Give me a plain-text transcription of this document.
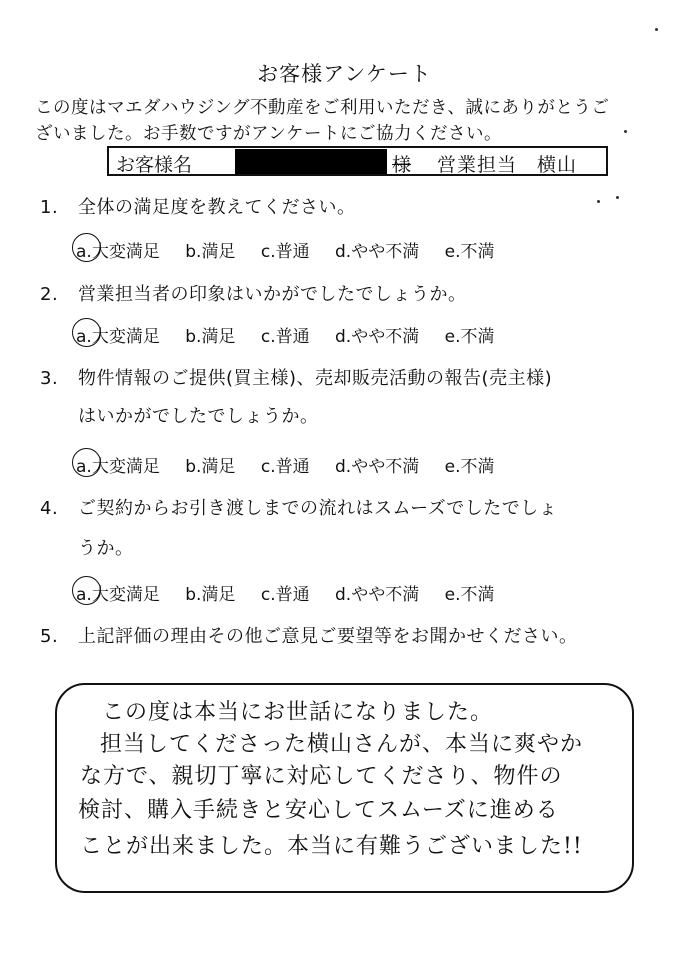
お客様アンケート
この度はマエダハウジング不動産をご利用いただき、誠にありがとうご
ざいました。お手数ですがアンケートにご協力ください。
お客様名	様 営業担当　横山
1. 全体の満足度を教えてください。
a.大変満足 b.満足 c.普通 d.やや不満 e.不満
2. 営業担当者の印象はいかがでしたでしょうか。
a.大変満足 b.満足 c.普通 d.やや不満 e.不満
3. 物件情報のご提供(買主様)、売却販売活動の報告(売主様)
はいかがでしたでしょうか。
a.大変満足 b.満足 c.普通 d.やや不満 e.不満
4. ご契約からお引き渡しまでの流れはスムーズでしたでしょ
うか。
a.大変満足 b.満足 c.普通 d.やや不満 e.不満
5. 上記評価の理由その他ご意見ご要望等をお聞かせください。
この度は本当にお世話になりました。
担当してくださった横山さんが、本当に爽やか
な方で、親切丁寧に対応してくださり、物件の
検討、購入手続きと安心してスムーズに進める
ことが出来ました。本当に有難うございました!!
